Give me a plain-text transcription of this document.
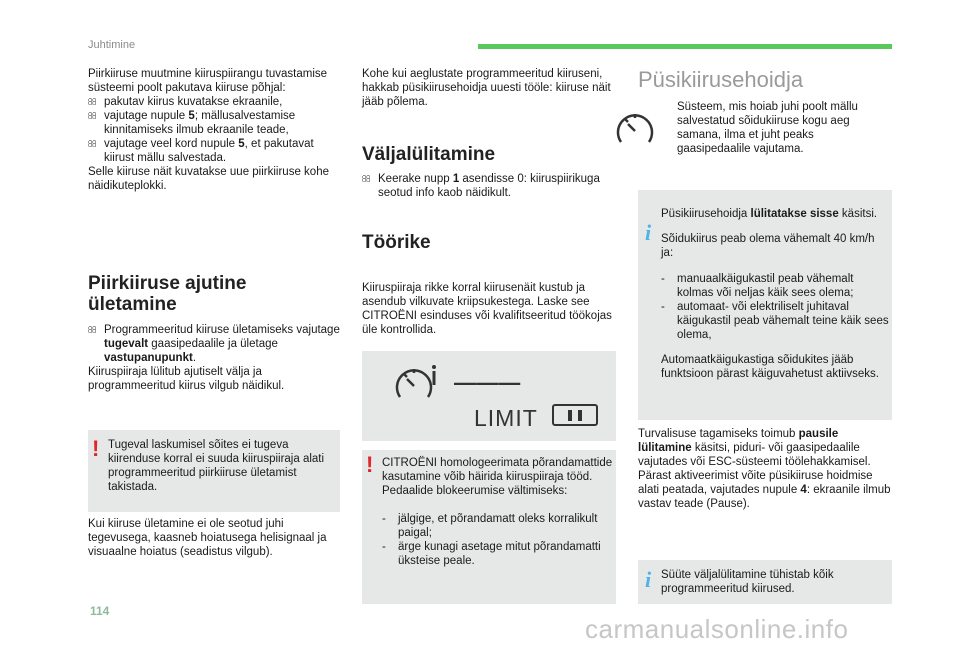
Juhtimine
114
carmanualsonline.info

Piirkiiruse muutmine kiiruspiirangu tuvastamise

süsteemi poolt pakutava kiiruse põhjal:

pakutav kiirus kuvatakse ekraanile,

vajutage nupule 5; mällusalvestamise kinnitamiseks ilmub ekraanile teade,

vajutage veel kord nupule 5, et pakutavat kiirust mällu salvestada.

Selle kiiruse näit kuvatakse uue piirkiiruse kohe näidikuteplokki.

Piirkiiruse ajutine ületamine

Programmeeritud kiiruse ületamiseks vajutage tugevalt gaasipedaalile ja ületage vastupanupunkt.

Kiiruspiiraja lülitub ajutiselt välja ja programmeeritud kiirus vilgub näidikul.

! Tugeval laskumisel sõites ei tugeva kiirenduse korral ei suuda kiiruspiiraja alati programmeeritud piirkiiruse ületamist takistada.
Kui kiiruse ületamine ei ole seotud juhi tegevusega, kaasneb hoiatusega helisignaal ja visuaalne hoiatus (seadistus vilgub).
Kohe kui aeglustate programmeeritud kiiruseni, hakkab püsikiirusehoidja uuesti tööle: kiiruse näit jääb põlema.
Väljalülitamine

Keerake nupp 1 asendisse 0: kiiruspiirikuga seotud info kaob näidikult.

Töörike
Kiiruspiiraja rikke korral kiirusenäit kustub ja asendub vilkuvate kriipsukestega. Laske see CITROËNI esinduses või kvalifitseeritud töökojas üle kontrollida.
— — —
LIMIT
! CITROËNI homologeerimata põrandamattide kasutamine võib häirida kiiruspiiraja tööd.
Pedaalide blokeerumise vältimiseks:

- jälgige, et põrandamatt oleks korralikult paigal;

- ärge kunagi asetage mitut põrandamatti üksteise peale.

Püsikiirusehoidja
Süsteem, mis hoiab juhi poolt mällu salvestatud sõidukiiruse kogu aeg samana, ilma et juht peaks gaasipedaalile vajutama.
i

Püsikiirusehoidja lülitatakse sisse käsitsi.

Sõidukiirus peab olema vähemalt 40 km/h ja:

- manuaalkäigukastil peab vähemalt kolmas või neljas käik sees olema;

- automaat- või elektriliselt juhitaval käigukastil peab vähemalt teine käik sees olema,

Automaatkäigukastiga sõidukites jääb funktsioon pärast käiguvahetust aktiivseks.

Turvalisuse tagamiseks toimub pausile lülitamine käsitsi, piduri- või gaasipedaalile vajutades või ESC-süsteemi töölehakkamisel. Pärast aktiveerimist võite püsikiiruse hoidmise alati peatada, vajutades nupule 4: ekraanile ilmub vastav teade (Pause).
i Süüte väljalülitamine tühistab kõik programmeeritud kiirused.
